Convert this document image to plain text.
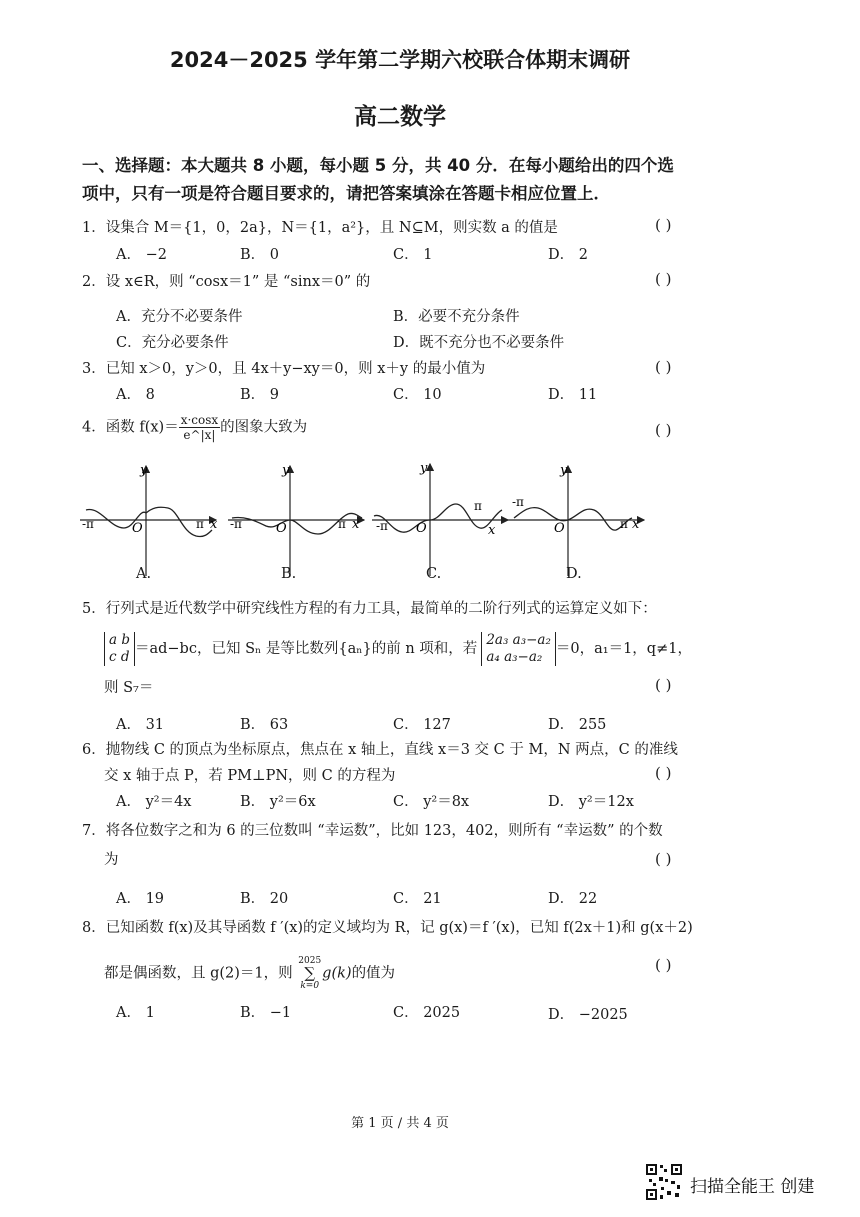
2024－2025 学年第二学期六校联合体期末调研
高二数学
一、选择题：本大题共 8 小题，每小题 5 分，共 40 分．在每小题给出的四个选
项中，只有一项是符合题目要求的，请把答案填涂在答题卡相应位置上．
1．设集合 M＝{1，0，2a}，N＝{1，a²}，且 N⊆M，则实数 a 的值是	( )
A． −2	B． 0	C． 1	D． 2
2．设 x∈R，则 “cosx＝1” 是 “sinx＝0” 的	( )
A．充分不必要条件	B．必要不充分条件
C．充分必要条件	D．既不充分也不必要条件
3．已知 x＞0，y＞0，且 4x＋y−xy＝0，则 x＋y 的最小值为	( )
A． 8	B． 9	C． 10	D． 11
4．函数 $f(x)= \frac{x\cdot\cos x}{e\^{}|x|}$ 的图象大致为	( )
y
-π	O	π x
y
-π	O	π x
y
-π O
π
x
y
-π
O	π x
A.	B.	C.	D.
5．行列式是近代数学中研究线性方程的有力工具，最简单的二阶行列式的运算定义如下：
a b
c d ＝ad−bc，已知 Sₙ 是等比数列{aₙ}的前 n 项和，若
2a₃ a₃−a₂
a₄ a₃−a₂ ＝0，a₁＝1，q≠1，
则 S₇＝	( )
A． 31	B． 63	C． 127	D． 255
6．抛物线 C 的顶点为坐标原点，焦点在 x 轴上，直线 x＝3 交 C 于 M，N 两点，C 的准线
交 x 轴于点 P，若 PM⊥PN，则 C 的方程为	( )
A． y²＝4x	B． y²＝6x	C． y²＝8x	D． y²＝12x
7．将各位数字之和为 6 的三位数叫 “幸运数”，比如 123，402，则所有 “幸运数” 的个数
为	( )
A． 19	B． 20	C． 21	D． 22
8．已知函数 f(x)及其导函数 f ′(x)的定义域均为 R，记 g(x)＝f ′(x)，已知 f(2x＋1)和 g(x＋2)
都是偶函数，且 g(2)＝1，则
2025
∑
k=0
g(k)的值为	( )
A． 1	B． −1	C． 2025	D． −2025
第 1 页 / 共 4 页
扫描全能王 创建
